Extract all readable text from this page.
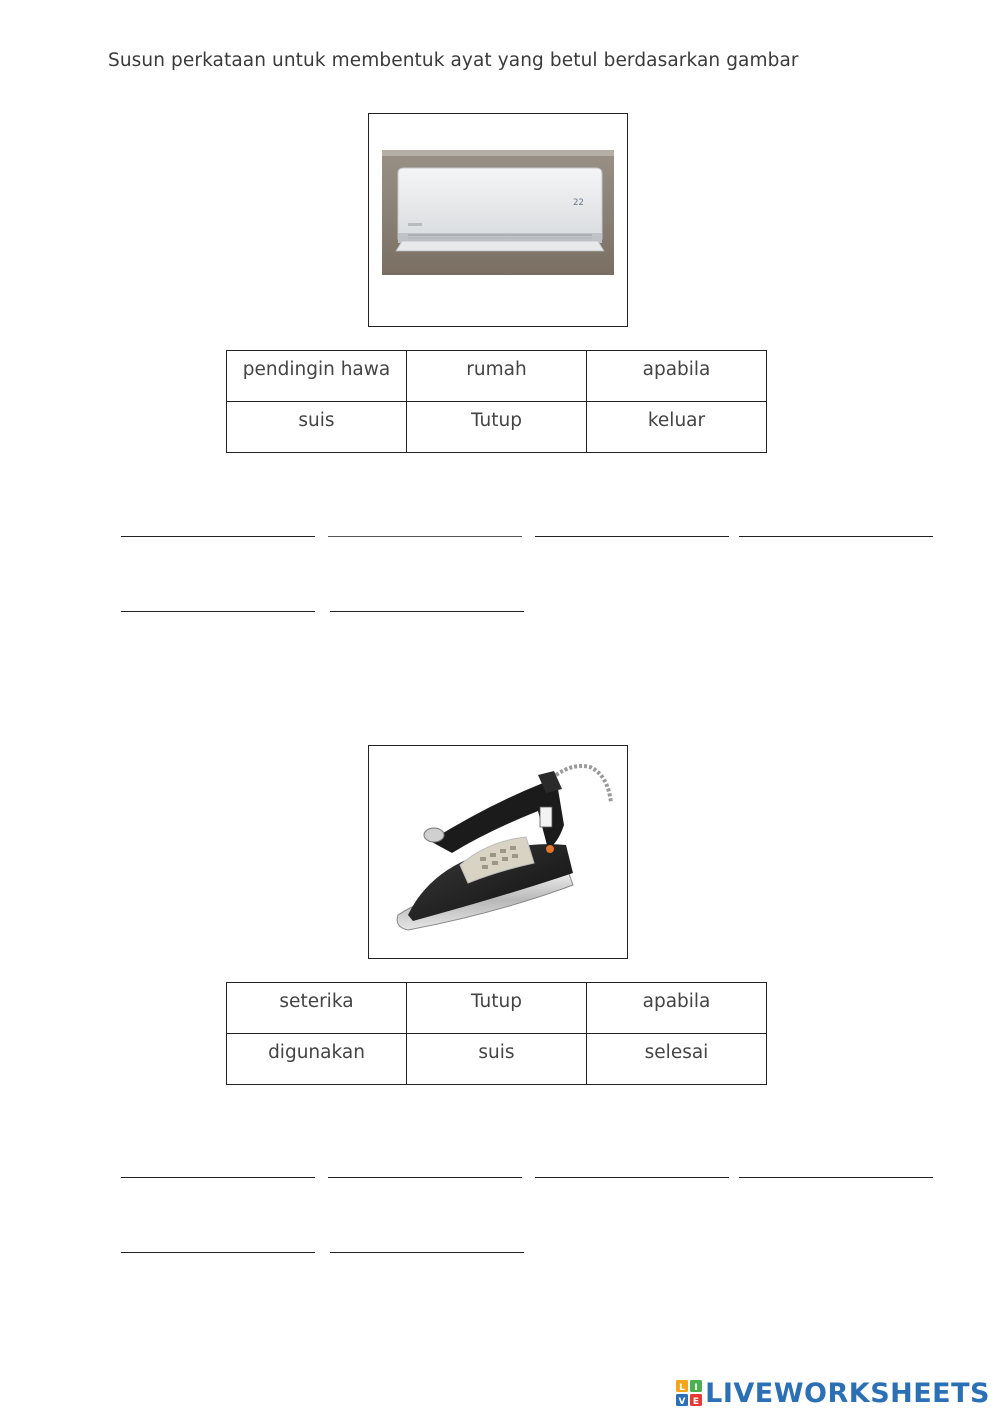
Susun perkataan untuk membentuk ayat yang betul berdasarkan gambar
22
pendingin hawa	rumah	apabila
suis	Tutup	keluar
seterika	Tutup	apabila
digunakan	suis	selesai
L I
V E LIVEWORKSHEETS
